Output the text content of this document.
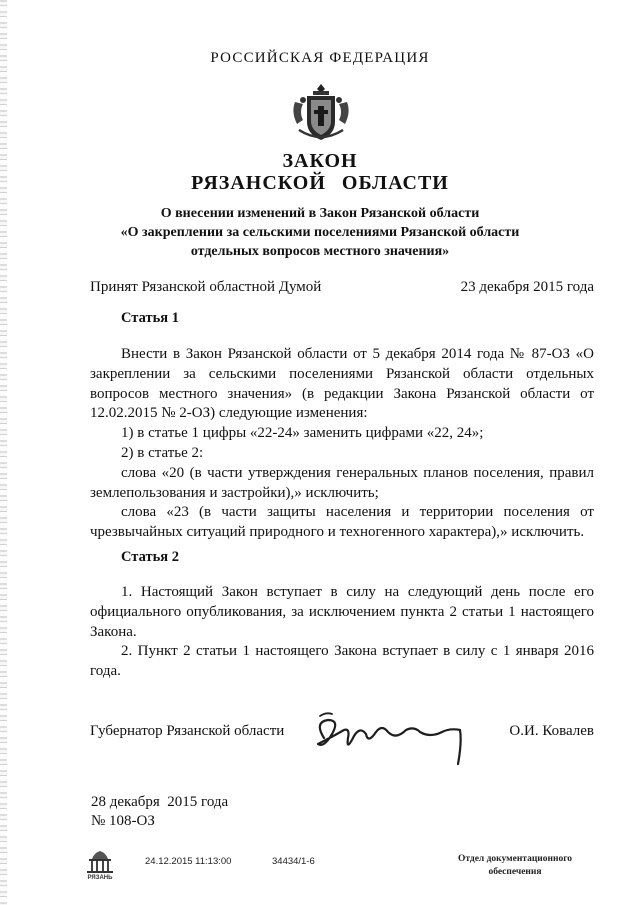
РОССИЙСКАЯ ФЕДЕРАЦИЯ
ЗАКОН
РЯЗАНСКОЙ ОБЛАСТИ
О внесении изменений в Закон Рязанской области
«О закреплении за сельскими поселениями Рязанской области
отдельных вопросов местного значения»
Принят Рязанской областной Думой	23 декабря 2015 года
Статья 1

Внести в Закон Рязанской области от 5 декабря 2014 года № 87-ОЗ «О закреплении за сельскими поселениями Рязанской области отдельных вопросов местного значения» (в редакции Закона Рязанской области от 12.02.2015 № 2-ОЗ) следующие изменения:

1) в статье 1 цифры «22-24» заменить цифрами «22, 24»;

2) в статье 2:

слова «20 (в части утверждения генеральных планов поселения, правил землепользования и застройки),» исключить;

слова «23 (в части защиты населения и территории поселения от чрезвычайных ситуаций природного и техногенного характера),» исключить.

Статья 2

1. Настоящий Закон вступает в силу на следующий день после его официального опубликования, за исключением пункта 2 статьи 1 настоящего Закона.

2. Пункт 2 статьи 1 настоящего Закона вступает в силу с 1 января 2016 года.

Губернатор Рязанской области	О.И. Ковалев
28 декабря  2015 года
№ 108-ОЗ
РЯЗАНЬ
24.12.2015 11:13:00	34434/1-6	Отдел документационного
обеспечения
